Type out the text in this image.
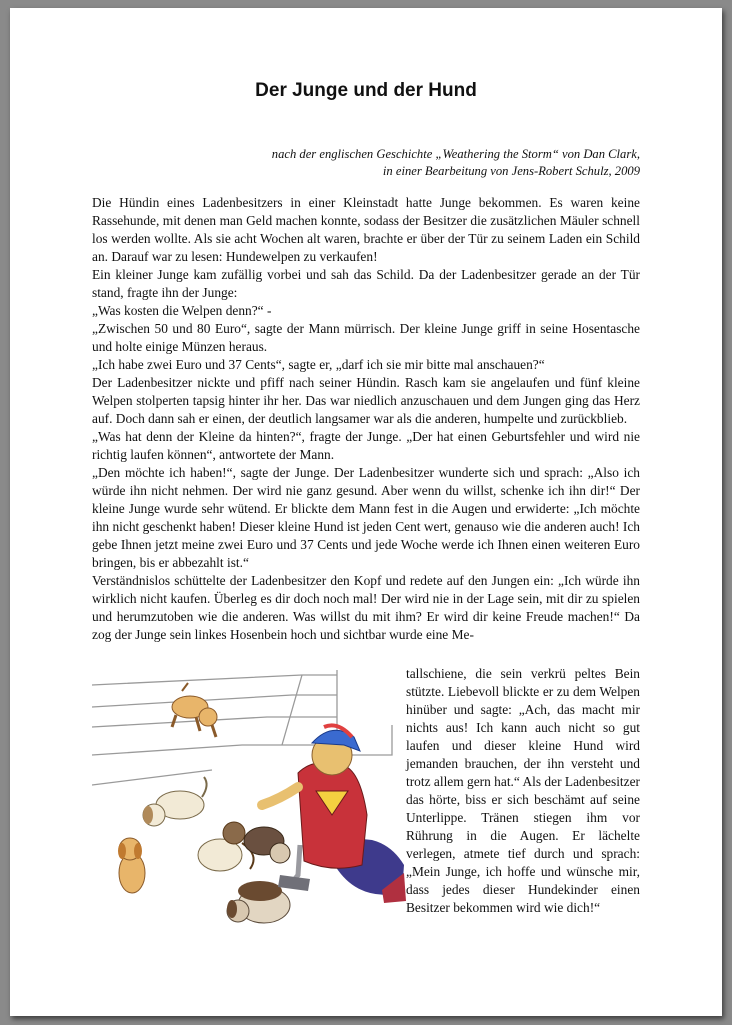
Der Junge und der Hund
nach der englischen Geschichte „Weathering the Storm“ von Dan Clark,
in einer Bearbeitung von Jens-Robert Schulz, 2009

Die Hündin eines Ladenbesitzers in einer Kleinstadt hatte Junge bekommen. Es waren keine Rassehunde, mit denen man Geld machen konnte, sodass der Besitzer die zusätzlichen Mäuler schnell los werden wollte. Als sie acht Wochen alt waren, brachte er über der Tür zu seinem Laden ein Schild an. Darauf war zu lesen: Hundewelpen zu verkaufen!

Ein kleiner Junge kam zufällig vorbei und sah das Schild. Da der Ladenbesitzer gerade an der Tür stand, fragte ihn der Junge:

„Was kosten die Welpen denn?“ -

„Zwischen 50 und 80 Euro“, sagte der Mann mürrisch. Der kleine Junge griff in seine Hosentasche und holte einige Münzen heraus.

„Ich habe zwei Euro und 37 Cents“, sagte er, „darf ich sie mir bitte mal anschauen?“

Der Ladenbesitzer nickte und pfiff nach seiner Hündin. Rasch kam sie angelaufen und fünf kleine Welpen stolperten tapsig hinter ihr her. Das war niedlich anzuschauen und dem Jungen ging das Herz auf. Doch dann sah er einen, der deutlich langsamer war als die anderen, humpelte und zurückblieb.

„Was hat denn der Kleine da hinten?“, fragte der Junge. „Der hat einen Geburtsfehler und wird nie richtig laufen können“, antwortete der Mann.

„Den möchte ich haben!“, sagte der Junge. Der Ladenbesitzer wunderte sich und sprach: „Also ich würde ihn nicht nehmen. Der wird nie ganz gesund. Aber wenn du willst, schenke ich ihn dir!“ Der kleine Junge wurde sehr wütend. Er blickte dem Mann fest in die Augen und erwiderte: „Ich möchte ihn nicht geschenkt haben! Dieser kleine Hund ist jeden Cent wert, genauso wie die anderen auch! Ich gebe Ihnen jetzt meine zwei Euro und 37 Cents und jede Woche werde ich Ihnen einen weiteren Euro bringen, bis er abbezahlt ist.“

Verständnislos schüttelte der Ladenbesitzer den Kopf und redete auf den Jungen ein: „Ich würde ihn wirklich nicht kaufen. Überleg es dir doch noch mal! Der wird nie in der Lage sein, mit dir zu spielen und herumzutoben wie die anderen. Was willst du mit ihm? Er wird dir keine Freude machen!“ Da zog der Junge sein linkes Hosenbein hoch und sichtbar wurde eine Me-

tallschiene, die sein verkrü peltes Bein stützte. Liebevoll blickte er zu dem Welpen hinüber und sagte: „Ach, das macht mir nichts aus! Ich kann auch nicht so gut laufen und dieser kleine Hund wird jemanden brauchen, der ihn versteht und trotz allem gern hat.“ Als der Ladenbesitzer das hörte, biss er sich beschämt auf seine Unterlippe. Tränen stiegen ihm vor Rührung in die Augen. Er lächelte verlegen, atmete tief durch und sprach: „Mein Junge, ich hoffe und wünsche mir, dass jedes dieser Hundekinder einen Besitzer bekommen wird wie dich!“
